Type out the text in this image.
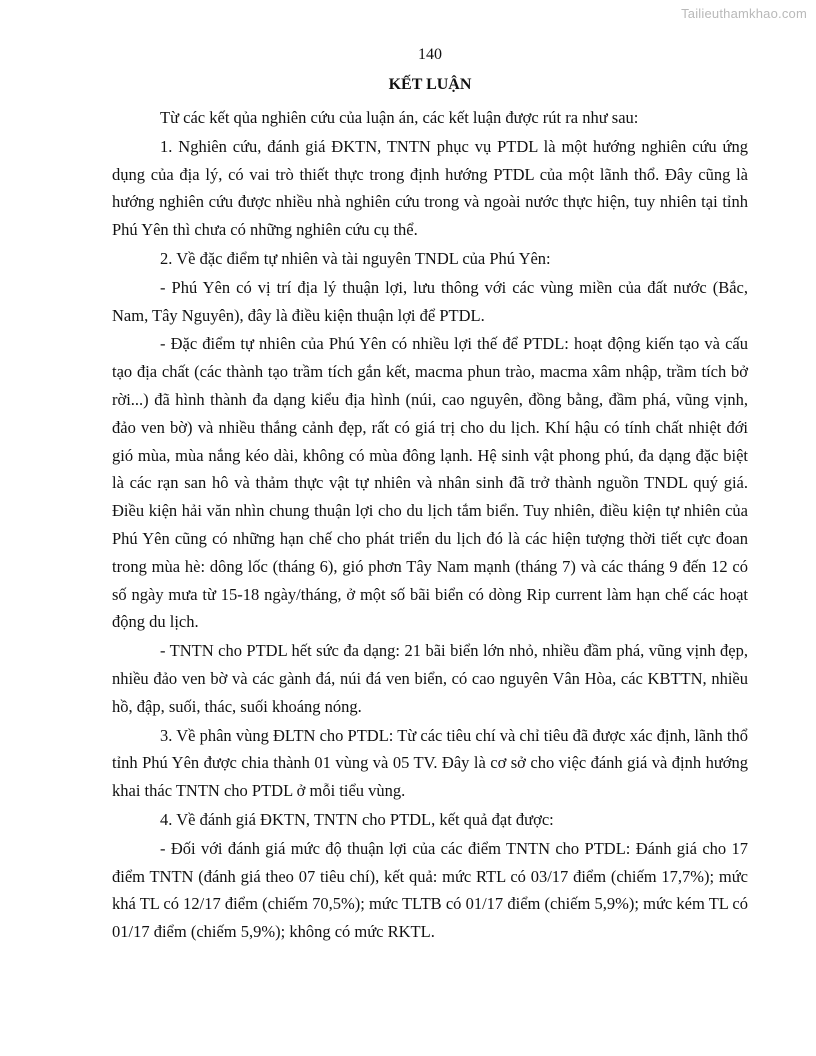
Tailieuthamkhao.com
140
KẾT LUẬN

Từ các kết qủa nghiên cứu của luận án, các kết luận được rút ra như sau:

1. Nghiên cứu, đánh giá ĐKTN, TNTN phục vụ PTDL là một hướng nghiên cứu ứng dụng của địa lý, có vai trò thiết thực trong định hướng PTDL của một lãnh thổ. Đây cũng là hướng nghiên cứu được nhiều nhà nghiên cứu trong và ngoài nước thực hiện, tuy nhiên tại tỉnh Phú Yên thì chưa có những nghiên cứu cụ thể.

2. Về đặc điểm tự nhiên và tài nguyên TNDL của Phú Yên:

- Phú Yên có vị trí địa lý thuận lợi, lưu thông với các vùng miền của đất nước (Bắc, Nam, Tây Nguyên), đây là điều kiện thuận lợi để PTDL.

- Đặc điểm tự nhiên của Phú Yên có nhiều lợi thế để PTDL: hoạt động kiến tạo và cấu tạo địa chất (các thành tạo trầm tích gắn kết, macma phun trào, macma xâm nhập, trầm tích bở rời...) đã hình thành đa dạng kiểu địa hình (núi, cao nguyên, đồng bằng, đầm phá, vũng vịnh, đảo ven bờ) và nhiều thắng cảnh đẹp, rất có giá trị cho du lịch. Khí hậu có tính chất nhiệt đới gió mùa, mùa nắng kéo dài, không có mùa đông lạnh. Hệ sinh vật phong phú, đa dạng đặc biệt là các rạn san hô và thảm thực vật tự nhiên và nhân sinh đã trở thành nguồn TNDL quý giá. Điều kiện hải văn nhìn chung thuận lợi cho du lịch tắm biển. Tuy nhiên, điều kiện tự nhiên của Phú Yên cũng có những hạn chế cho phát triển du lịch đó là các hiện tượng thời tiết cực đoan trong mùa hè: dông lốc (tháng 6), gió phơn Tây Nam mạnh (tháng 7) và các tháng 9 đến 12 có số ngày mưa từ 15-18 ngày/tháng, ở một số bãi biển có dòng Rip current làm hạn chế các hoạt động du lịch.

- TNTN cho PTDL hết sức đa dạng: 21 bãi biển lớn nhỏ, nhiều đầm phá, vũng vịnh đẹp, nhiều đảo ven bờ và các gành đá, núi đá ven biển, có cao nguyên Vân Hòa, các KBTTN, nhiều hồ, đập, suối, thác, suối khoáng nóng.

3. Về phân vùng ĐLTN cho PTDL: Từ các tiêu chí và chỉ tiêu đã được xác định, lãnh thổ tỉnh Phú Yên được chia thành 01 vùng và 05 TV. Đây là cơ sở cho việc đánh giá và định hướng khai thác TNTN cho PTDL ở mỗi tiểu vùng.

4. Về đánh giá ĐKTN, TNTN cho PTDL, kết quả đạt được:

- Đối với đánh giá mức độ thuận lợi của các điểm TNTN cho PTDL: Đánh giá cho 17 điểm TNTN (đánh giá theo 07 tiêu chí), kết quả: mức RTL có 03/17 điểm (chiếm 17,7%); mức khá TL có 12/17 điểm (chiếm 70,5%); mức TLTB có 01/17 điểm (chiếm 5,9%); mức kém TL có 01/17 điểm (chiếm 5,9%); không có mức RKTL.
